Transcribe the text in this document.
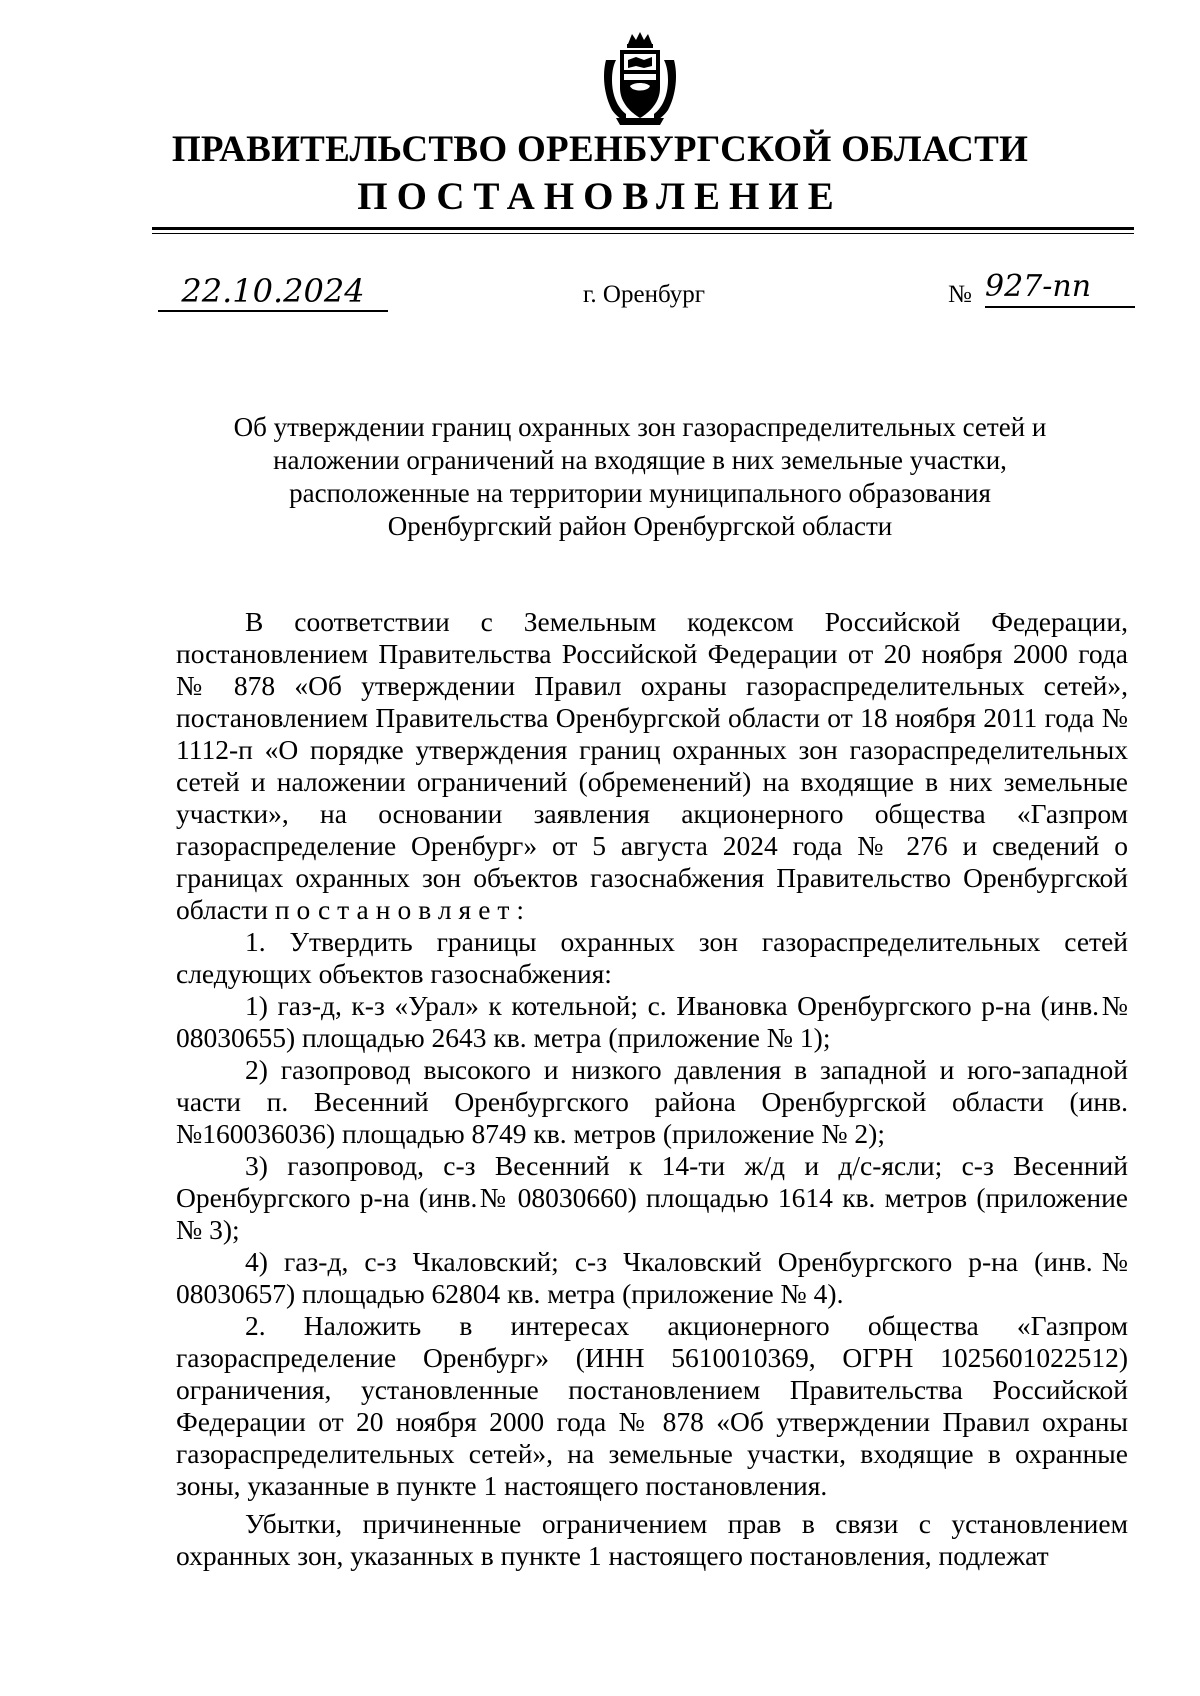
ПРАВИТЕЛЬСТВО ОРЕНБУРГСКОЙ ОБЛАСТИ
ПОСТАНОВЛЕНИЕ
22.10.2024	г. Оренбург	№ 927-пп
Об утверждении границ охранных зон газораспределительных сетей и
наложении ограничений на входящие в них земельные участки,
расположенные на территории муниципального образования
Оренбургский район Оренбургской области

В соответствии с Земельным кодексом Российской Федерации, постановлением Правительства Российской Федерации от 20 ноября 2000 года № 878 «Об утверждении Правил охраны газораспределительных сетей», постановлением Правительства Оренбургской области от 18 ноября 2011 года № 1112-п «О порядке утверждения границ охранных зон газораспределительных сетей и наложении ограничений (обременений) на входящие в них земельные участки», на основании заявления акционерного общества «Газпром газораспределение Оренбург» от 5 августа 2024 года № 276 и сведений о границах охранных зон объектов газоснабжения Правительство Оренбургской области постановляет:

1. Утвердить границы охранных зон газораспределительных сетей следующих объектов газоснабжения:

1) газ-д, к-з «Урал» к котельной; с. Ивановка Оренбургского р-на (инв.№ 08030655) площадью 2643 кв. метра (приложение № 1);

2) газопровод высокого и низкого давления в западной и юго-западной части п. Весенний Оренбургского района Оренбургской области (инв.№160036036) площадью 8749 кв. метров (приложение № 2);

3) газопровод, с-з Весенний к 14-ти ж/д и д/с-ясли; с-з Весенний Оренбургского р-на (инв.№ 08030660) площадью 1614 кв. метров (приложение № 3);

4) газ-д, с-з Чкаловский; с-з Чкаловский Оренбургского р-на (инв.№ 08030657) площадью 62804 кв. метра (приложение № 4).

2. Наложить в интересах акционерного общества «Газпром газораспределение Оренбург» (ИНН 5610010369, ОГРН 1025601022512) ограничения, установленные постановлением Правительства Российской Федерации от 20 ноября 2000 года № 878 «Об утверждении Правил охраны газораспределительных сетей», на земельные участки, входящие в охранные зоны, указанные в пункте 1 настоящего постановления.

Убытки, причиненные ограничением прав в связи с установлением охранных зон, указанных в пункте 1 настоящего постановления, подлежат
